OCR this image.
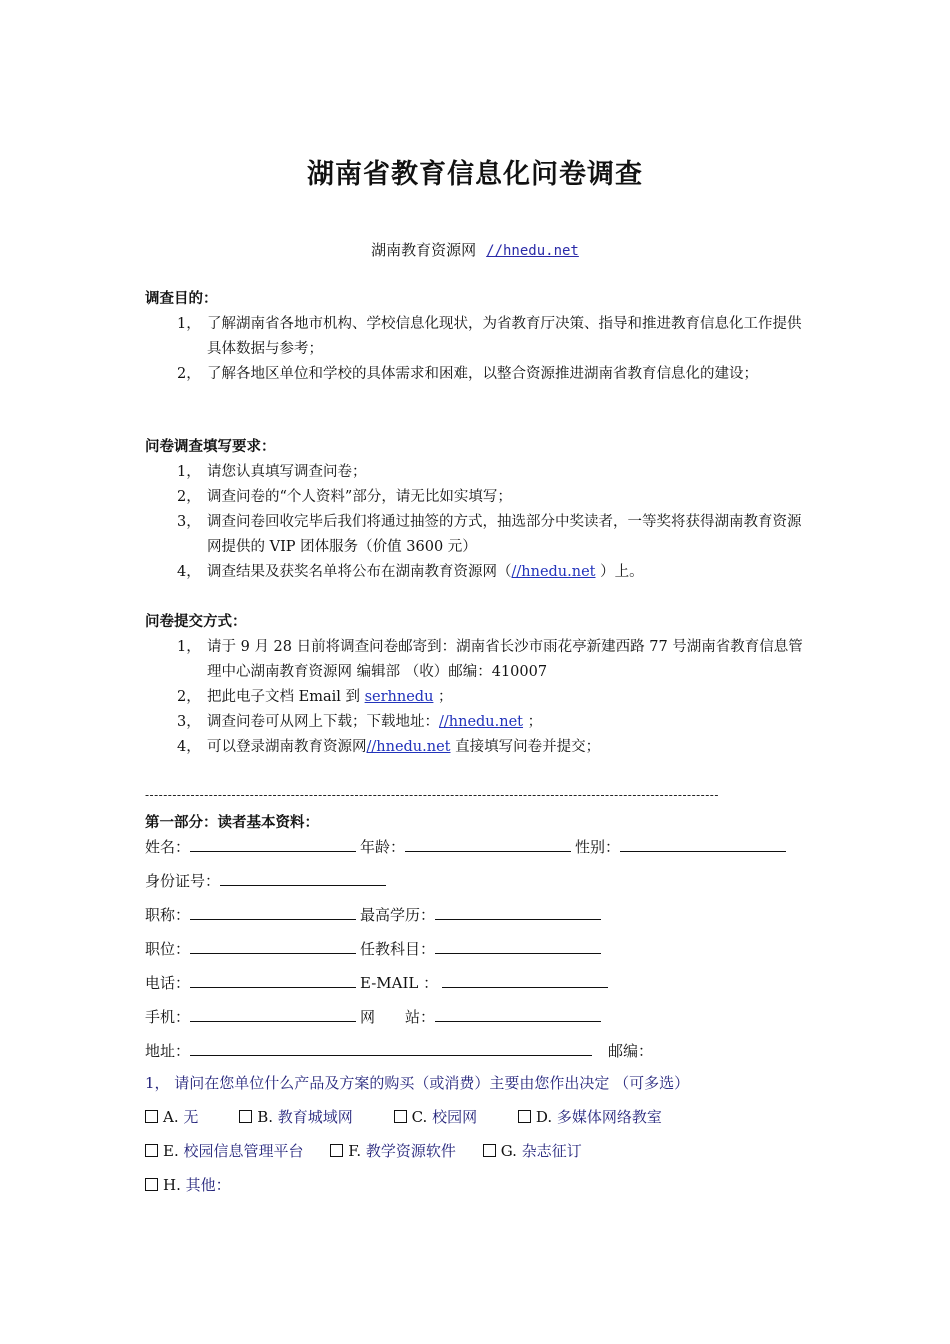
湖南省教育信息化问卷调查
湖南教育资源网 //hnedu.net
调查目的：
1， 了解湖南省各地市机构、学校信息化现状，为省教育厅决策、指导和推进教育信息化工作提供具体数据与参考；
2， 了解各地区单位和学校的具体需求和困难，以整合资源推进湖南省教育信息化的建设；
问卷调查填写要求：
1， 请您认真填写调查问卷；
2， 调查问卷的“个人资料”部分，请无比如实填写；
3， 调查问卷回收完毕后我们将通过抽签的方式，抽选部分中奖读者，一等奖将获得湖南教育资源网提供的 VIP 团体服务（价值 3600 元）
4， 调查结果及获奖名单将公布在湖南教育资源网（//hnedu.net ）上。
问卷提交方式：
1， 请于 9 月 28 日前将调查问卷邮寄到：湖南省长沙市雨花亭新建西路 77 号湖南省教育信息管理中心湖南教育资源网 编辑部 （收）邮编：410007
2， 把此电子文档 Email 到 serhnedu ；
3， 调查问卷可从网上下载；下载地址：//hnedu.net ；
4， 可以登录湖南教育资源网//hnedu.net 直接填写问卷并提交；
------------------------------------------------------------------------------------------------------------------------------
第一部分：读者基本资料：
姓名：	年龄：	性别：
身份证号：
职称：	最高学历：
职位：	任教科目：
电话：	E-MAIL ：
手机：	网　　站：
地址：	邮编：
1， 请问在您单位什么产品及方案的购买（或消费）主要由您作出决定 （可多选）
A. 无	B. 教育城域网	C. 校园网	D. 多媒体网络教室
E. 校园信息管理平台	F. 教学资源软件	G. 杂志征订
H. 其他：
